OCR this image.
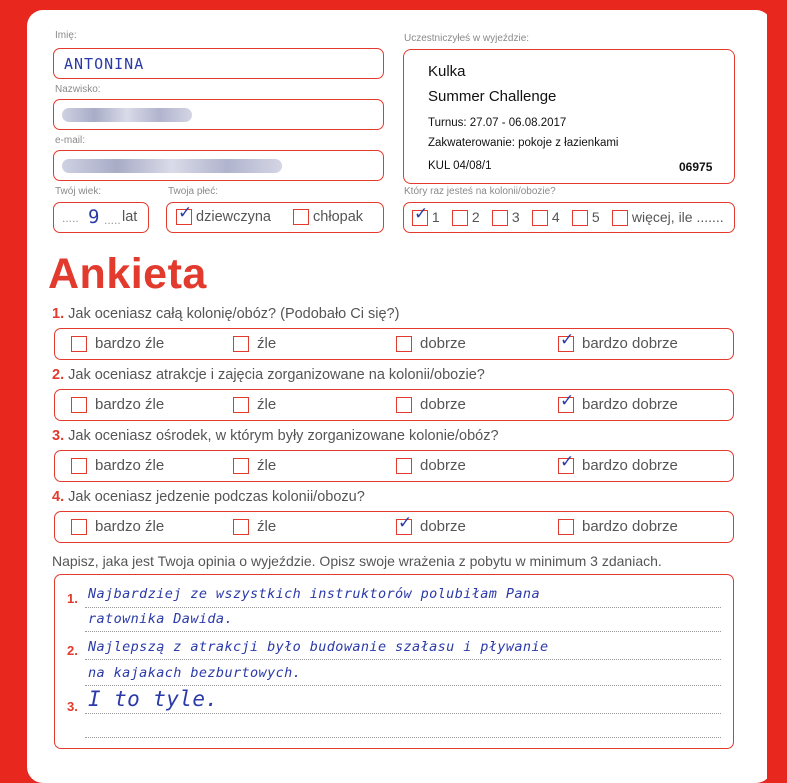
Imię:
ANTONINA
Nazwisko:
e-mail:
Twój wiek:
..... 9 ..... lat
Twoja płeć:
✓ dziewczyna	chłopak
Uczestniczyłeś w wyjeździe:
Kulka
Summer Challenge
Turnus: 27.07 - 06.08.2017
Zakwaterowanie: pokoje z łazienkami
KUL 04/08/1	06975
Który raz jesteś na kolonii/obozie?
✓ 1	2	3	4	5	więcej, ile .......
Ankieta
1. Jak oceniasz całą kolonię/obóz? (Podobało Ci się?)
bardzo źle	źle	dobrze	✓ bardzo dobrze
2. Jak oceniasz atrakcje i zajęcia zorganizowane na kolonii/obozie?
bardzo źle	źle	dobrze	✓ bardzo dobrze
3. Jak oceniasz ośrodek, w którym były zorganizowane kolonie/obóz?
bardzo źle	źle	dobrze	✓ bardzo dobrze
4. Jak oceniasz jedzenie podczas kolonii/obozu?
bardzo źle	źle	✓ dobrze	bardzo dobrze
Napisz, jaka jest Twoja opinia o wyjeździe. Opisz swoje wrażenia z pobytu w minimum 3 zdaniach.
1. Najbardziej ze wszystkich instruktorów polubiłam Pana
ratownika Dawida.
2. Najlepszą z atrakcji było budowanie szałasu i pływanie
na kajakach bezburtowych.
3. I to tyle.
